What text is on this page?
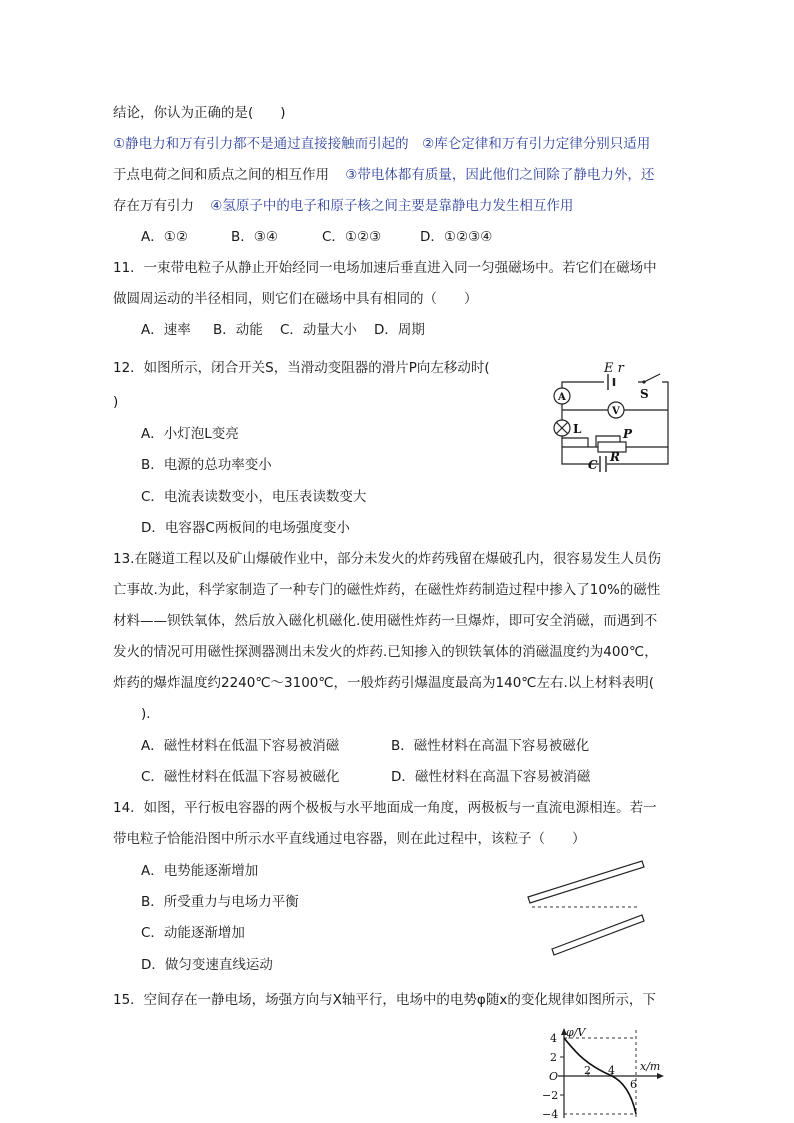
结论，你认为正确的是(　　)
①静电力和万有引力都不是通过直接接触而引起的　②库仑定律和万有引力定律分别只适用
于点电荷之间和质点之间的相互作用 ③带电体都有质量，因此他们之间除了静电力外，还
存在万有引力 ④氢原子中的电子和原子核之间主要是靠静电力发生相互作用
A．①②	B．③④	C．①②③	D．①②③④
11．一束带电粒子从静止开始经同一电场加速后垂直进入同一匀强磁场中。若它们在磁场中
做圆周运动的半径相同，则它们在磁场中具有相同的（　　）
A．速率 B．动能 C．动量大小 D．周期
12．如图所示，闭合开关S，当滑动变阻器的滑片P向左移动时(
)
A．小灯泡L变亮
B．电源的总功率变小
C．电流表读数变小，电压表读数变大
D．电容器C两板间的电场强度变小
E r
S
A
V
L	P
R
C
13.在隧道工程以及矿山爆破作业中，部分未发火的炸药残留在爆破孔内，很容易发生人员伤
亡事故.为此，科学家制造了一种专门的磁性炸药，在磁性炸药制造过程中掺入了10%的磁性
材料——钡铁氧体，然后放入磁化机磁化.使用磁性炸药一旦爆炸，即可安全消磁，而遇到不
发火的情况可用磁性探测器测出未发火的炸药.已知掺入的钡铁氧体的消磁温度约为400℃，
炸药的爆炸温度约2240℃～3100℃，一般炸药引爆温度最高为140℃左右.以上材料表明(
).
A．磁性材料在低温下容易被消磁	B．磁性材料在高温下容易被磁化
C．磁性材料在低温下容易被磁化	D．磁性材料在高温下容易被消磁
14．如图，平行板电容器的两个极板与水平地面成一角度，两极板与一直流电源相连。若一
带电粒子恰能沿图中所示水平直线通过电容器，则在此过程中，该粒子（　　）
A．电势能逐渐增加
B．所受重力与电场力平衡
C．动能逐渐增加
D．做匀变速直线运动
15．空间存在一静电场，场强方向与X轴平行，电场中的电势φ随x的变化规律如图所示，下
φ/V
x/m
O
4
2
−2
−4
2 4
6
